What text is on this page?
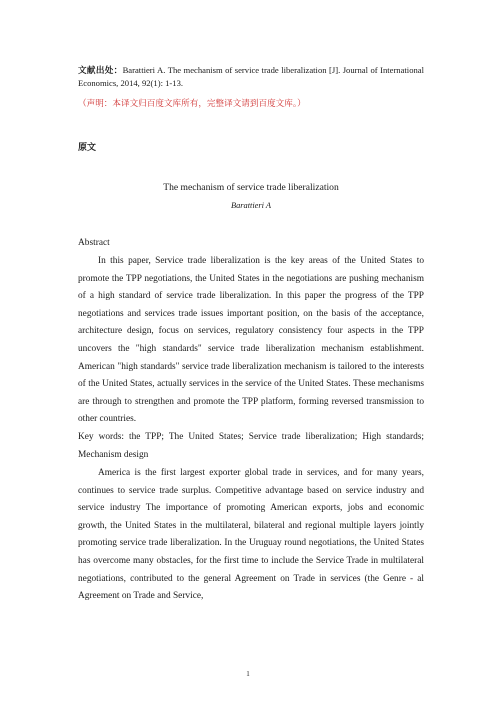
文献出处：Barattieri A. The mechanism of service trade liberalization [J]. Journal of International Economics, 2014, 92(1): 1-13.
（声明：本译文归百度文库所有，完整译文请到百度文库。）
原文
The mechanism of service trade liberalization
Barattieri A
Abstract

In this paper, Service trade liberalization is the key areas of the United States to promote the TPP negotiations, the United States in the negotiations are pushing mechanism of a high standard of service trade liberalization. In this paper the progress of the TPP negotiations and services trade issues important position, on the basis of the acceptance, architecture design, focus on services, regulatory consistency four aspects in the TPP uncovers the "high standards" service trade liberalization mechanism establishment. American "high standards" service trade liberalization mechanism is tailored to the interests of the United States, actually services in the service of the United States. These mechanisms are through to strengthen and promote the TPP platform, forming reversed transmission to other countries.

Key words: the TPP; The United States; Service trade liberalization; High standards; Mechanism design

America is the first largest exporter global trade in services, and for many years, continues to service trade surplus. Competitive advantage based on service industry and service industry The importance of promoting American exports, jobs and economic growth, the United States in the multilateral, bilateral and regional multiple layers jointly promoting service trade liberalization. In the Uruguay round negotiations, the United States has overcome many obstacles, for the first time to include the Service Trade in multilateral negotiations, contributed to the general Agreement on Trade in services (the Genre - al Agreement on Trade and Service,

1
